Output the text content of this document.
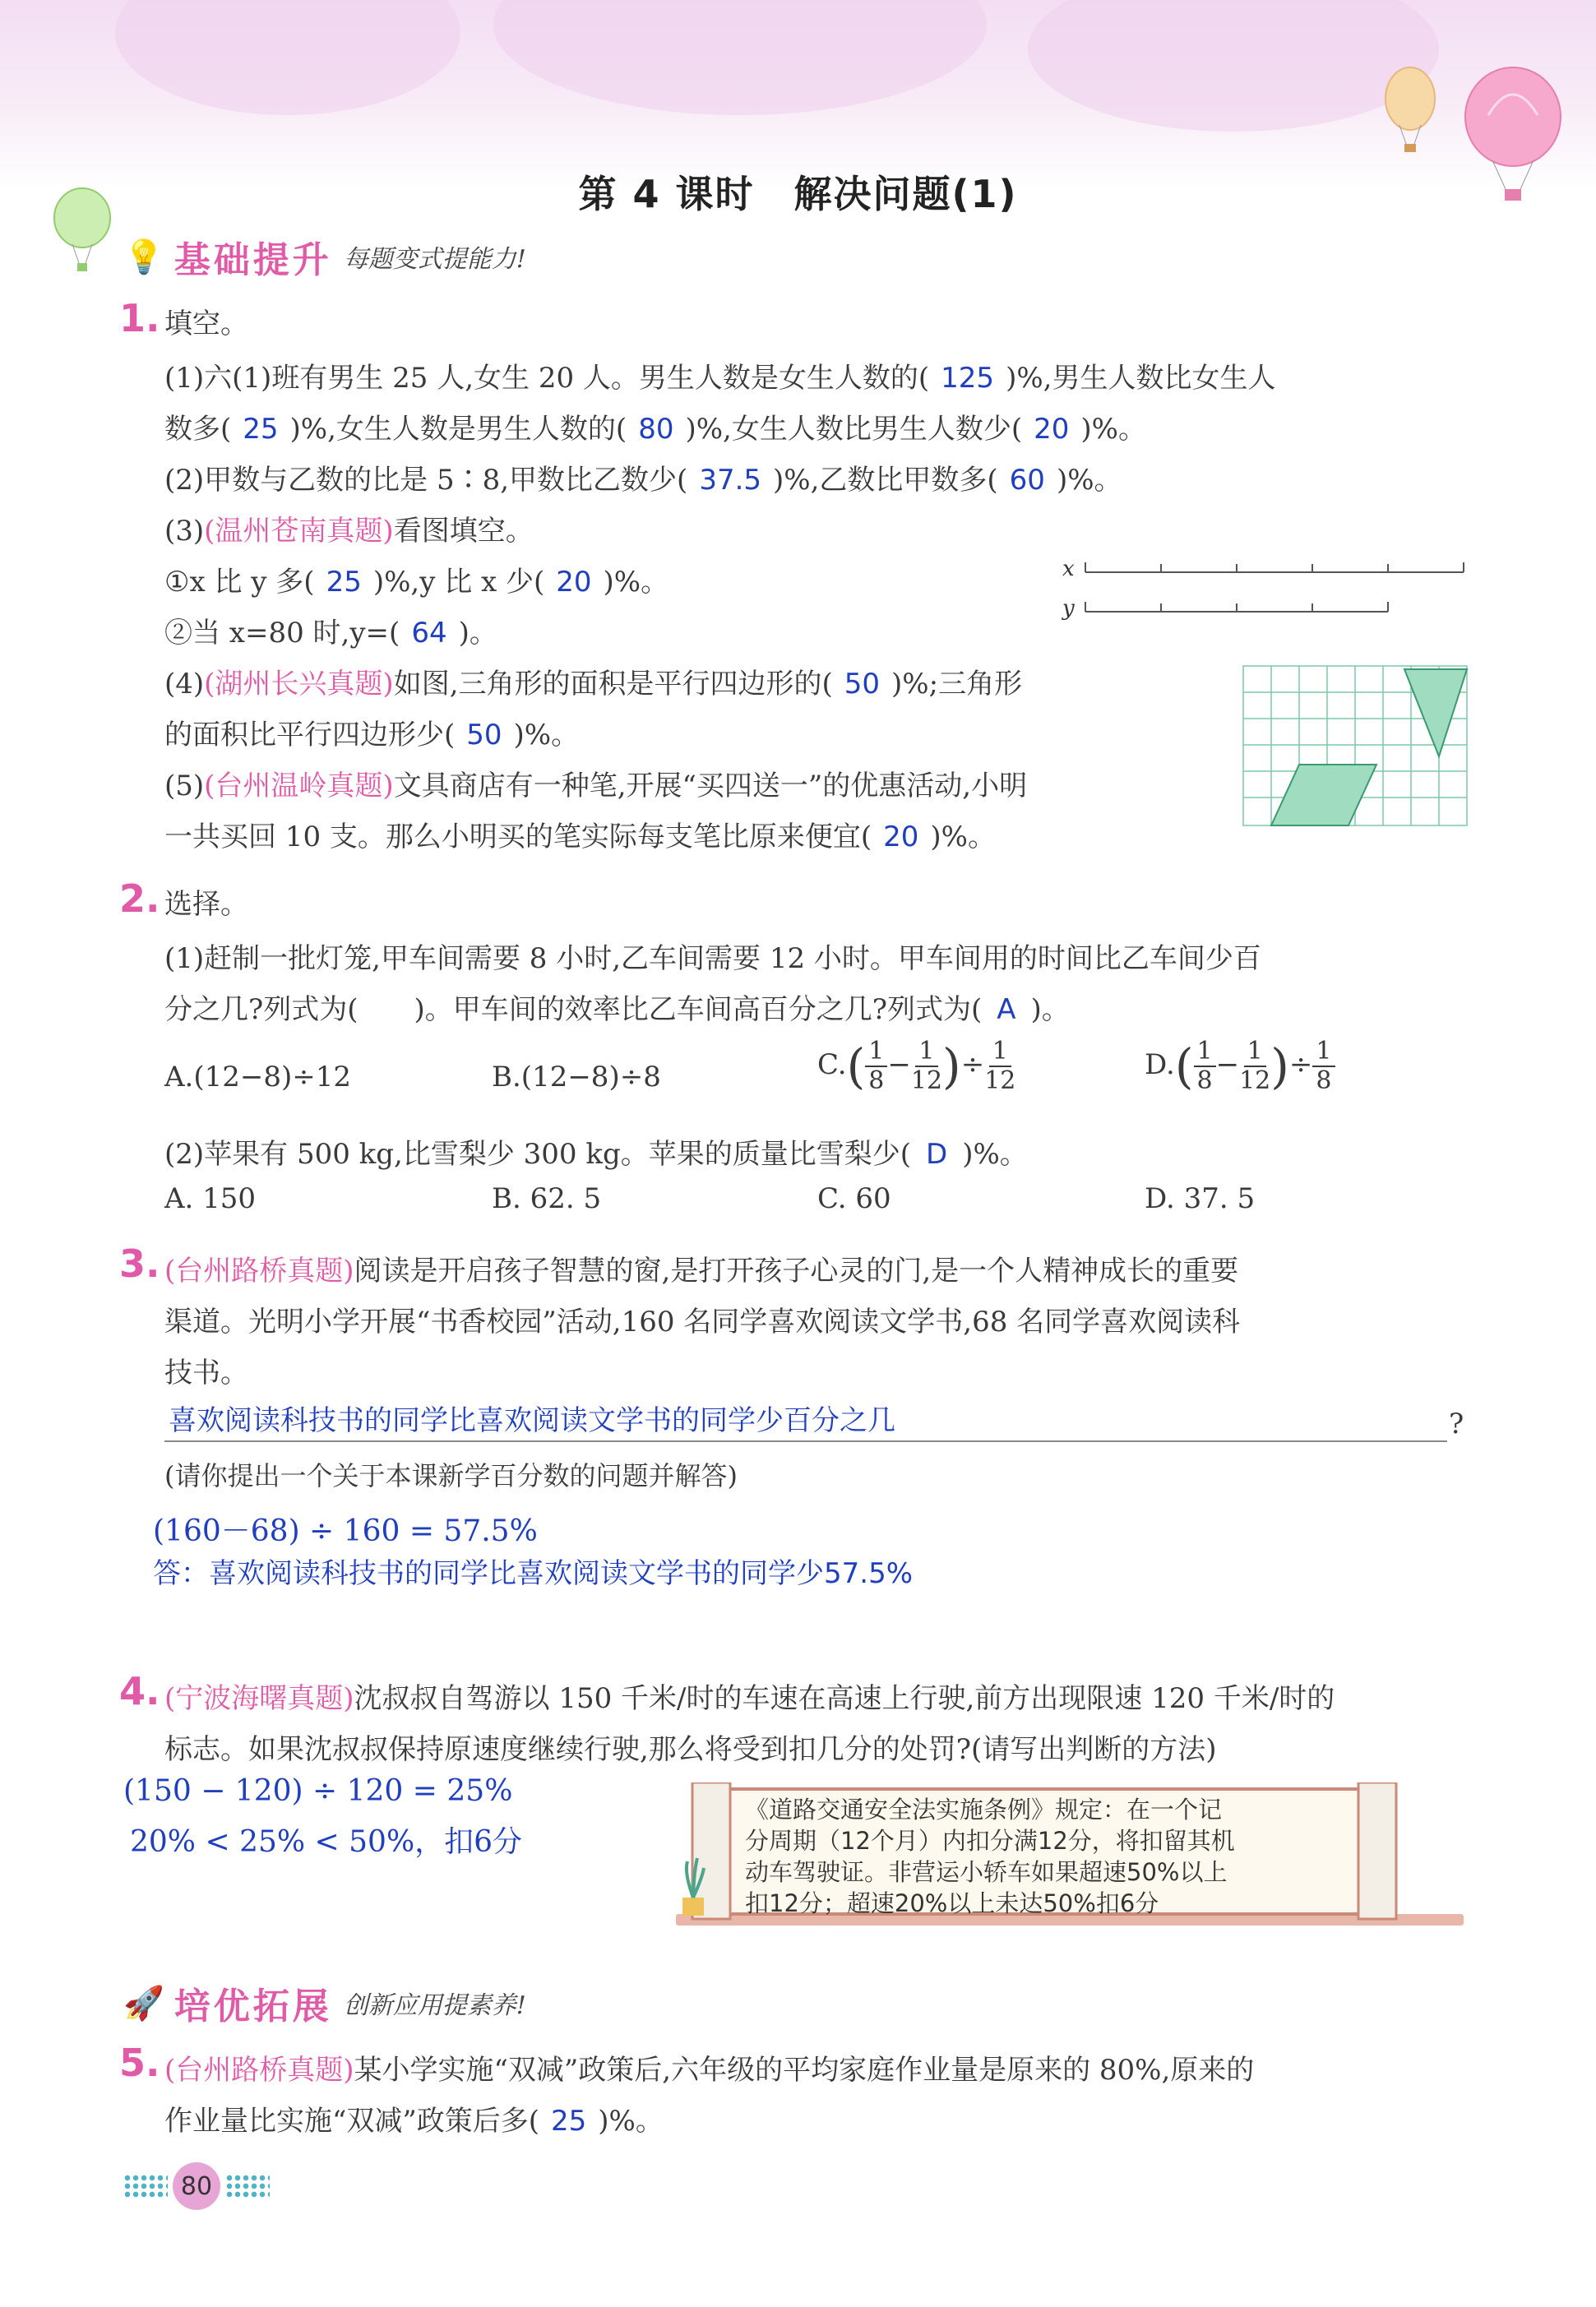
第 4 课时　解决问题(1)
💡 基础提升 每题变式提能力!
1. 填空。
(1)六(1)班有男生 25 人,女生 20 人。男生人数是女生人数的( 125 )%,男生人数比女生人
数多( 25 )%,女生人数是男生人数的( 80 )%,女生人数比男生人数少( 20 )%。
(2)甲数与乙数的比是 5∶8,甲数比乙数少( 37.5 )%,乙数比甲数多( 60 )%。
(3)(温州苍南真题)看图填空。
①x 比 y 多( 25 )%,y 比 x 少( 20 )%。
②当 x=80 时,y=( 64 )。
x
y
(4)(湖州长兴真题)如图,三角形的面积是平行四边形的( 50 )%;三角形
的面积比平行四边形少( 50 )%。
(5)(台州温岭真题)文具商店有一种笔,开展“买四送一”的优惠活动,小明
一共买回 10 支。那么小明买的笔实际每支笔比原来便宜( 20 )%。
2. 选择。
(1)赶制一批灯笼,甲车间需要 8 小时,乙车间需要 12 小时。甲车间用的时间比乙车间少百
分之几?列式为(　　)。甲车间的效率比乙车间高百分之几?列式为( A )。
A.(12−8)÷12	B.(12−8)÷8	$C.( \frac{1}{8} - \frac{1}{12}$ )÷ $\frac{1}{12}$	$D.( \frac{1}{8} - \frac{1}{12}$ )÷ $\frac{1}{8}$
(2)苹果有 500 kg,比雪梨少 300 kg。苹果的质量比雪梨少( D )%。
A. 150	B. 62. 5	C. 60	D. 37. 5
3. (台州路桥真题)阅读是开启孩子智慧的窗,是打开孩子心灵的门,是一个人精神成长的重要
渠道。光明小学开展“书香校园”活动,160 名同学喜欢阅读文学书,68 名同学喜欢阅读科
技书。
喜欢阅读科技书的同学比喜欢阅读文学书的同学少百分之几	?
(请你提出一个关于本课新学百分数的问题并解答)
(160－68) ÷ 160 = 57.5%
答：喜欢阅读科技书的同学比喜欢阅读文学书的同学少57.5%
4. (宁波海曙真题)沈叔叔自驾游以 150 千米/时的车速在高速上行驶,前方出现限速 120 千米/时的
标志。如果沈叔叔保持原速度继续行驶,那么将受到扣几分的处罚?(请写出判断的方法)
(150 − 120) ÷ 120 = 25%
20% < 25% < 50%，扣6分
《道路交通安全法实施条例》规定：在一个记
分周期（12个月）内扣分满12分，将扣留其机
动车驾驶证。非营运小轿车如果超速50%以上
扣12分；超速20%以上未达50%扣6分
🚀 培优拓展 创新应用提素养!
5. (台州路桥真题)某小学实施“双减”政策后,六年级的平均家庭作业量是原来的 80%,原来的
作业量比实施“双减”政策后多( 25 )%。
80
